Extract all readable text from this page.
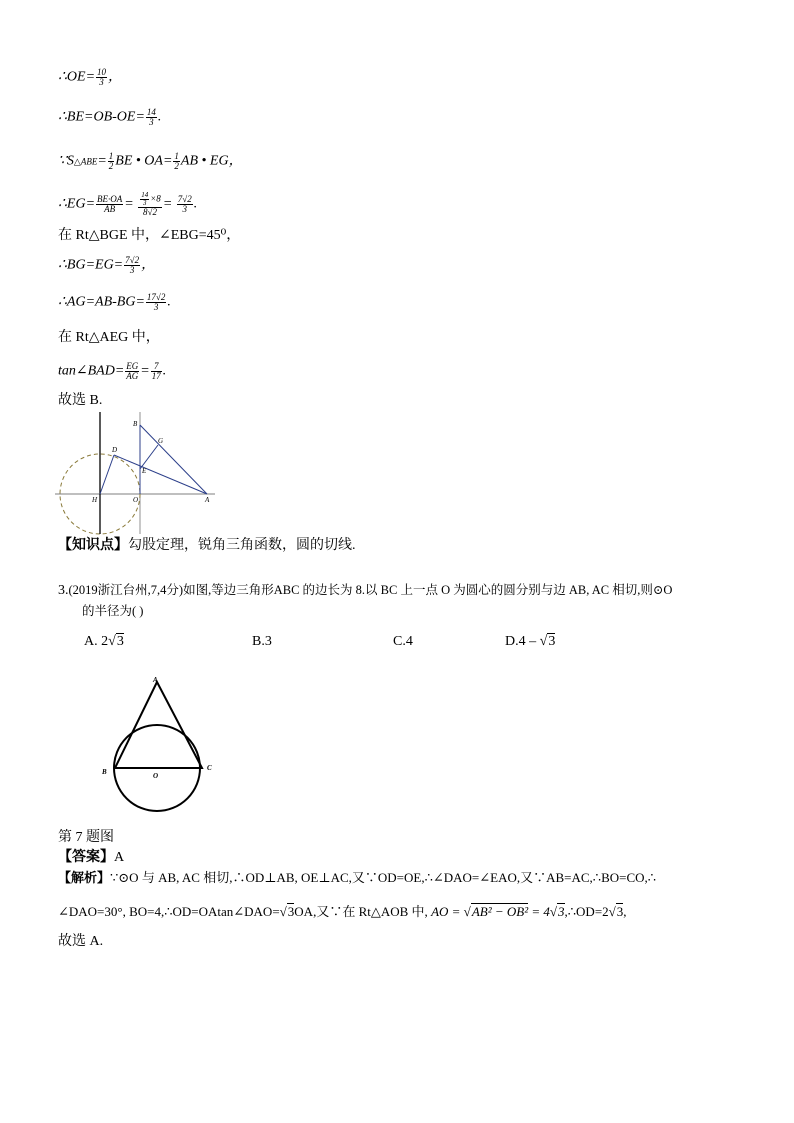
∴OE= $\frac{10}{3}$ ，
∴BE=OB-OE= $\frac{14}{3}$ .
∵S△ABE= $\frac{1}{2}$ BE • $OA= \frac{1}{2}$ AB • EG，
∴EG= $\frac{BE\cdot OA}{AB} = \frac{\frac{14}{3} \times 8}{8√2} = \frac{7√2}{3}$ .
在 Rt△BGE 中，∠EBG=45⁰，
∴BG=EG= $\frac{7√2}{3}$ ，
∴AG=AB-BG= $\frac{17√2}{3}$ .
在 Rt△AEG 中，
tan∠BAD= $\frac{EG}{AG} = \frac{7}{17}$ .
故选 B.
B
G
D
E
H	O	A
【知识点】勾股定理，锐角三角函数，圆的切线.
3.(2019浙江台州,7,4分)如图,等边三角形ABC 的边长为 8.以 BC 上一点 O 为圆心的圆分别与边 AB, AC 相切,则⊙O
的半径为( )
A. 2√3	B.3	C.4	D.4 – √3
A
B	C
O
第 7 题图
【答案】A
【解析】∵⊙O 与 AB, AC 相切,∴OD⊥AB, OE⊥AC,又∵OD=OE,∴∠DAO=∠EAO,又∵AB=AC,∴BO=CO,∴
∠DAO=30°, BO=4,∴OD=OAtan∠DAO=√3OA,又∵在 Rt△AOB 中, AO = √AB² − OB² = 4√3,∴OD=2√3,
故选 A.
